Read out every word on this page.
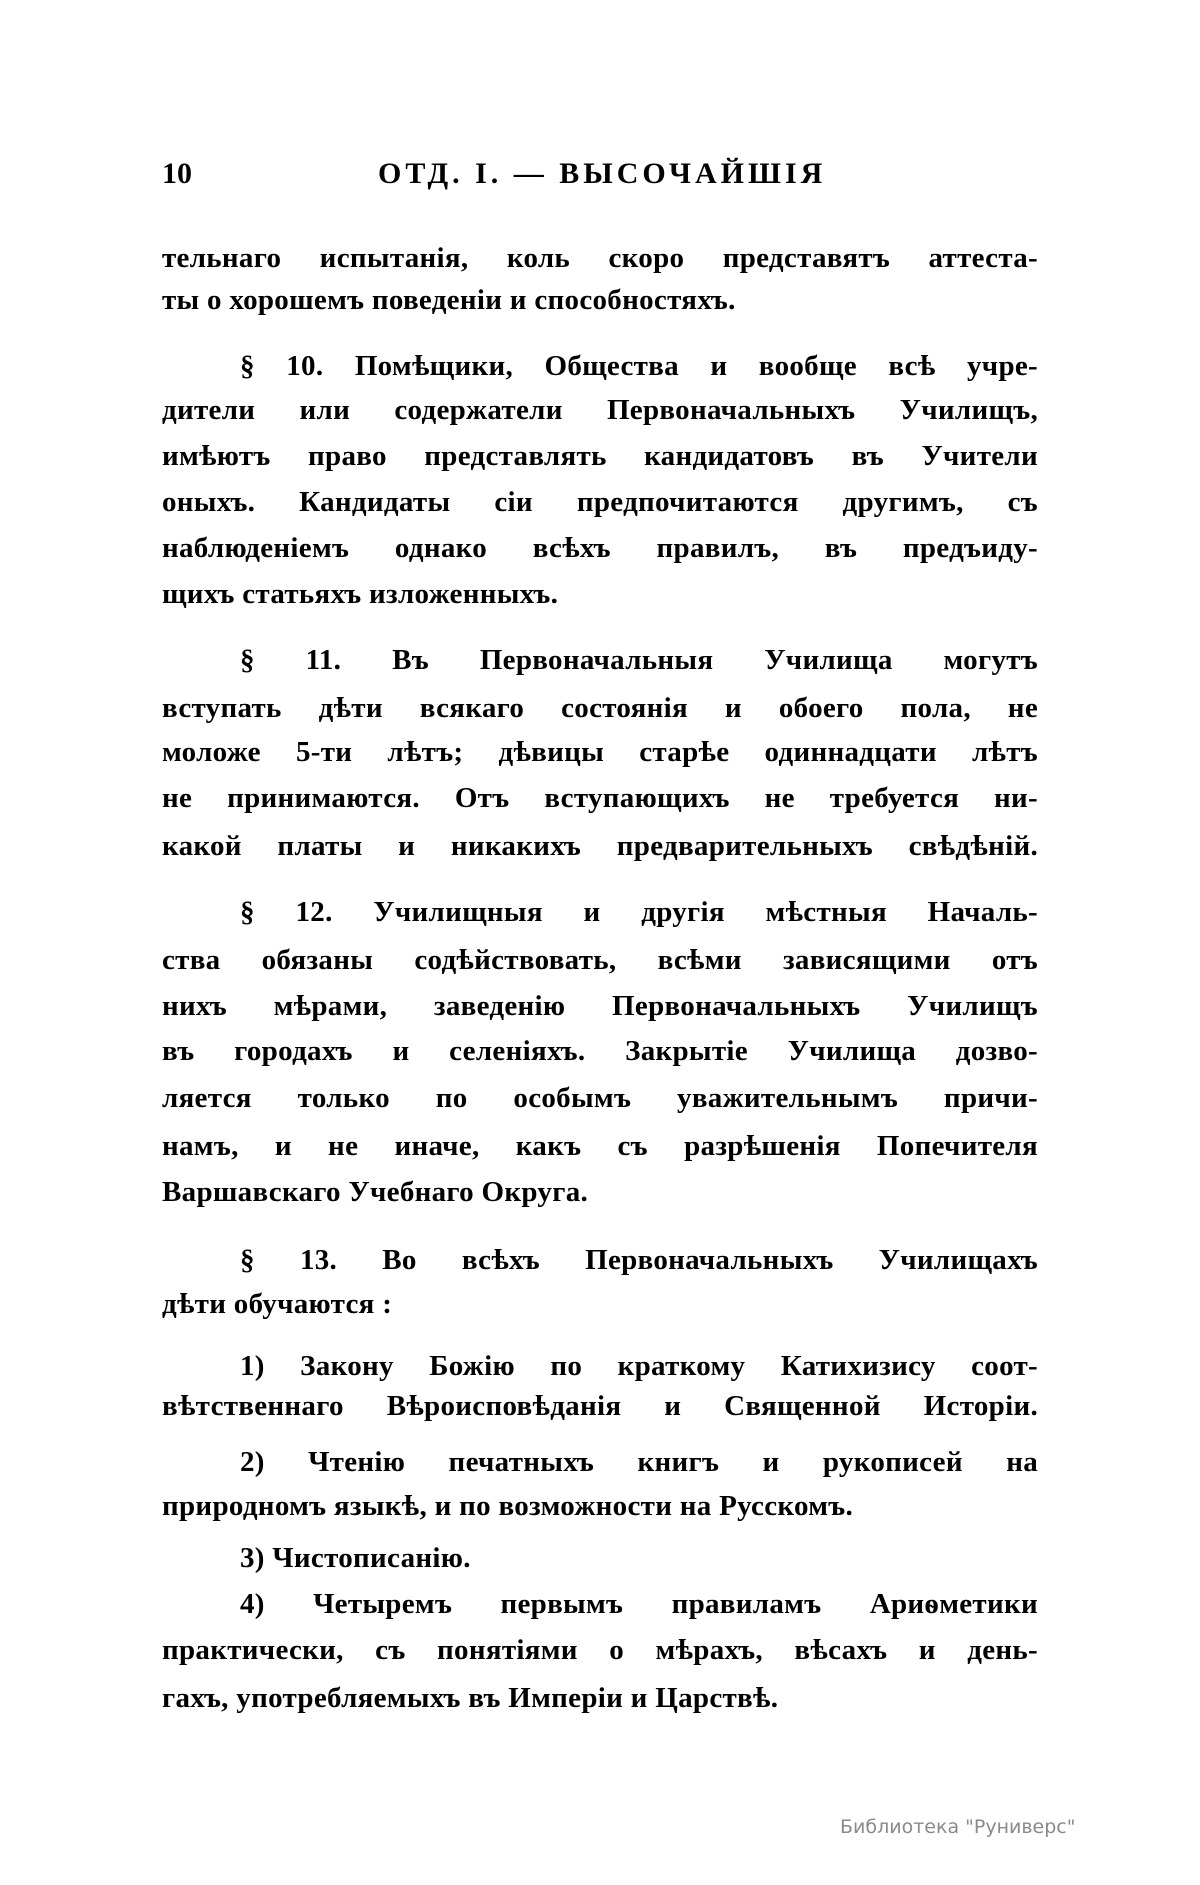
10	ОТД. I. — ВЫСОЧАЙШІЯ
тельнаго испытанія, коль скоро представятъ аттеста-
ты о хорошемъ поведеніи и способностяхъ.
§ 10. Помѣщики, Общества и вообще всѣ учре-
дители или содержатели Первоначальныхъ Училищъ,
имѣютъ право представлять кандидатовъ въ Учители
оныхъ. Кандидаты сіи предпочитаются другимъ, съ
наблюденіемъ однако всѣхъ правилъ, въ предъиду-
щихъ статьяхъ изложенныхъ.
§ 11. Въ Первоначальныя Училища могутъ
вступать дѣти всякаго состоянія и обоего пола, не
моложе 5-ти лѣтъ; дѣвицы старѣе одиннадцати лѣтъ
не принимаются. Отъ вступающихъ не требуется ни-
какой платы и никакихъ предварительныхъ свѣдѣній.
§ 12. Училищныя и другія мѣстныя Началь-
ства обязаны содѣйствовать, всѣми зависящими отъ
нихъ мѣрами, заведенію Первоначальныхъ Училищъ
въ городахъ и селеніяхъ. Закрытіе Училища дозво-
ляется только по особымъ уважительнымъ причи-
намъ, и не иначе, какъ съ разрѣшенія Попечителя
Варшавскаго Учебнаго Округа.
§ 13. Во всѣхъ Первоначальныхъ Училищахъ
дѣти обучаются :
1) Закону Божію по краткому Катихизису соот-
вѣтственнаго Вѣроисповѣданія и Священной Исторіи.
2) Чтенію печатныхъ книгъ и рукописей на
природномъ языкѣ, и по возможности на Русскомъ.
3) Чистописанію.
4) Четыремъ первымъ правиламъ Ариѳметики
практически, съ понятіями о мѣрахъ, вѣсахъ и день-
гахъ, употребляемыхъ въ Имперіи и Царствѣ.
Библиотека "Руниверс"
